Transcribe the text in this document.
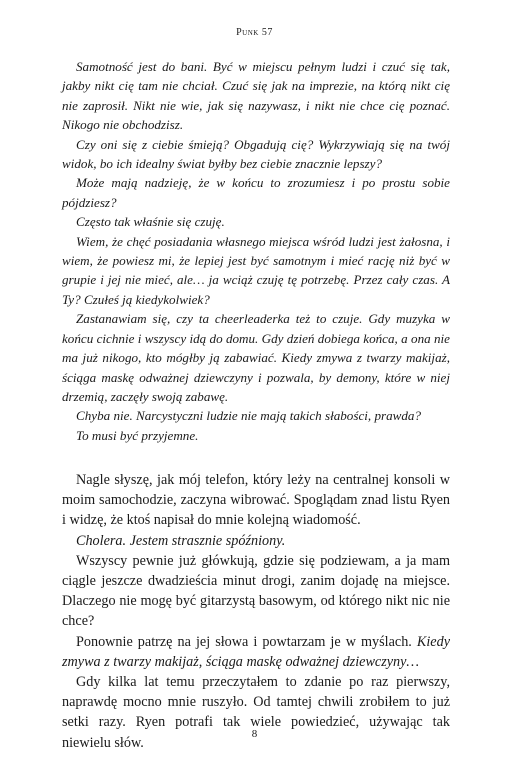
Punk 57

Samotność jest do bani. Być w miejscu pełnym ludzi i czuć się tak, jakby nikt cię tam nie chciał. Czuć się jak na imprezie, na którą nikt cię nie zaprosił. Nikt nie wie, jak się nazywasz, i nikt nie chce cię poznać. Nikogo nie obchodzisz.

Czy oni się z ciebie śmieją? Obgadują cię? Wykrzywiają się na twój widok, bo ich idealny świat byłby bez ciebie znacznie lepszy?

Może mają nadzieję, że w końcu to zrozumiesz i po prostu sobie pójdziesz?

Często tak właśnie się czuję.

Wiem, że chęć posiadania własnego miejsca wśród ludzi jest żałosna, i wiem, że powiesz mi, że lepiej jest być samotnym i mieć rację niż być w grupie i jej nie mieć, ale… ja wciąż czuję tę potrzebę. Przez cały czas. A Ty? Czułeś ją kiedykolwiek?

Zastanawiam się, czy ta cheerleaderka też to czuje. Gdy muzyka w końcu cichnie i wszyscy idą do domu. Gdy dzień dobiega końca, a ona nie ma już nikogo, kto mógłby ją zabawiać. Kiedy zmywa z twarzy makijaż, ściąga maskę odważnej dziewczyny i pozwala, by demony, które w niej drzemią, zaczęły swoją zabawę.

Chyba nie. Narcystyczni ludzie nie mają takich słabości, prawda?

To musi być przyjemne.

Nagle słyszę, jak mój telefon, który leży na centralnej konsoli w moim samochodzie, zaczyna wibrować. Spoglądam znad listu Ryen i widzę, że ktoś napisał do mnie kolejną wiadomość.

Cholera. Jestem strasznie spóźniony.

Wszyscy pewnie już główkują, gdzie się podziewam, a ja mam ciągle jeszcze dwadzieścia minut drogi, zanim dojadę na miejsce. Dlaczego nie mogę być gitarzystą basowym, od którego nikt nic nie chce?

Ponownie patrzę na jej słowa i powtarzam je w myślach. Kiedy zmywa z twarzy makijaż, ściąga maskę odważnej dziewczyny…

Gdy kilka lat temu przeczytałem to zdanie po raz pierwszy, naprawdę mocno mnie ruszyło. Od tamtej chwili zrobiłem to już setki razy. Ryen potrafi tak wiele powiedzieć, używając tak niewielu słów.

8
